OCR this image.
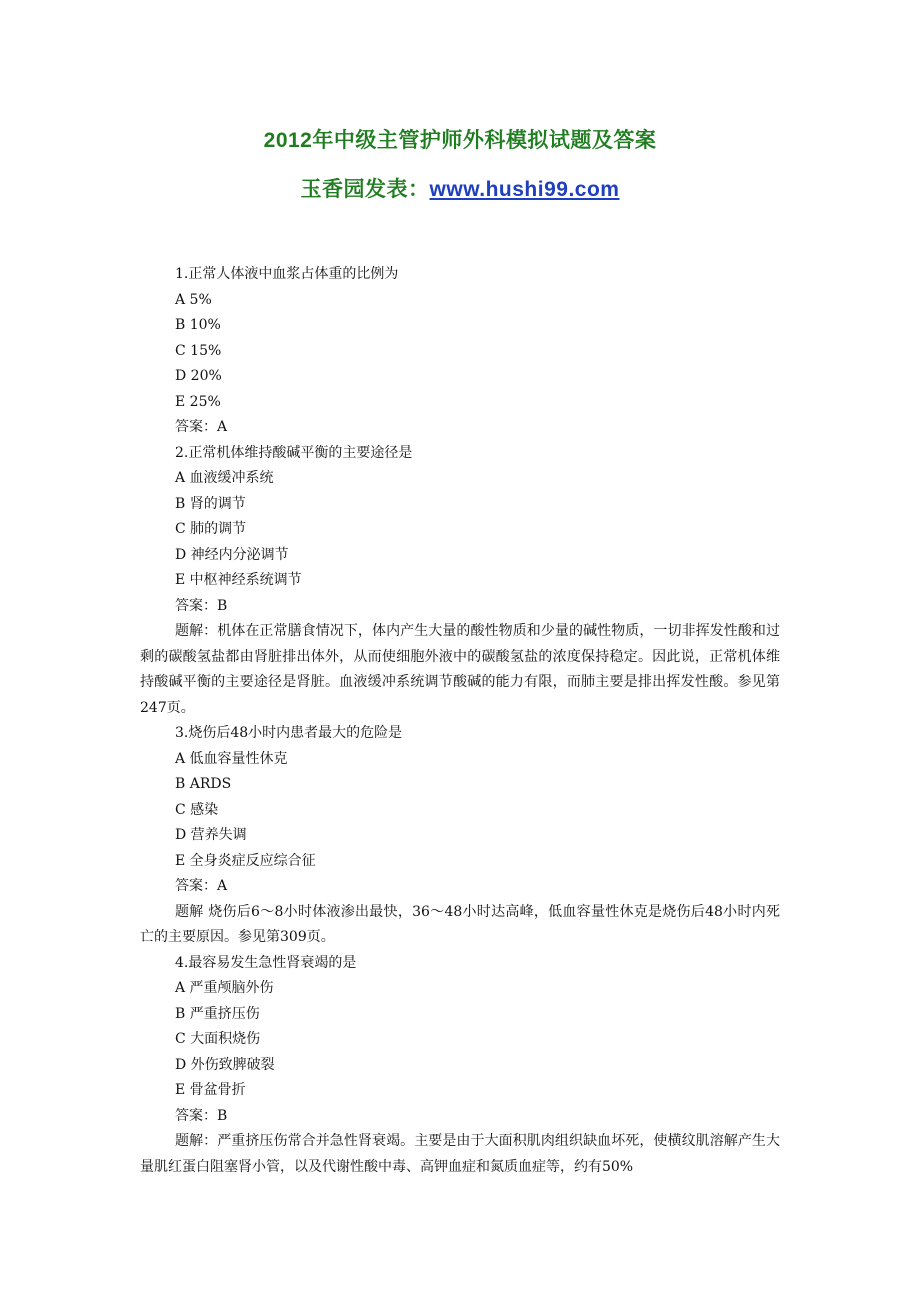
2012年中级主管护师外科模拟试题及答案
玉香园发表：www.hushi99.com
1.正常人体液中血浆占体重的比例为
A 5%
B 10%
C 15%
D 20%
E 25%
答案：A
2.正常机体维持酸碱平衡的主要途径是
A 血液缓冲系统
B 肾的调节
C 肺的调节
D 神经内分泌调节
E 中枢神经系统调节
答案：B
题解：机体在正常膳食情况下，体内产生大量的酸性物质和少量的碱性物质，一切非挥发性酸和过剩的碳酸氢盐都由肾脏排出体外，从而使细胞外液中的碳酸氢盐的浓度保持稳定。因此说，正常机体维持酸碱平衡的主要途径是肾脏。血液缓冲系统调节酸碱的能力有限，而肺主要是排出挥发性酸。参见第247页。
3.烧伤后48小时内患者最大的危险是
A 低血容量性休克
B ARDS
C 感染
D 营养失调
E 全身炎症反应综合征
答案：A
题解 烧伤后6～8小时体液渗出最快，36～48小时达高峰，低血容量性休克是烧伤后48小时内死亡的主要原因。参见第309页。
4.最容易发生急性肾衰竭的是
A 严重颅脑外伤
B 严重挤压伤
C 大面积烧伤
D 外伤致脾破裂
E 骨盆骨折
答案：B
题解：严重挤压伤常合并急性肾衰竭。主要是由于大面积肌肉组织缺血坏死，使横纹肌溶解产生大量肌红蛋白阻塞肾小管，以及代谢性酸中毒、高钾血症和氮质血症等，约有50%
